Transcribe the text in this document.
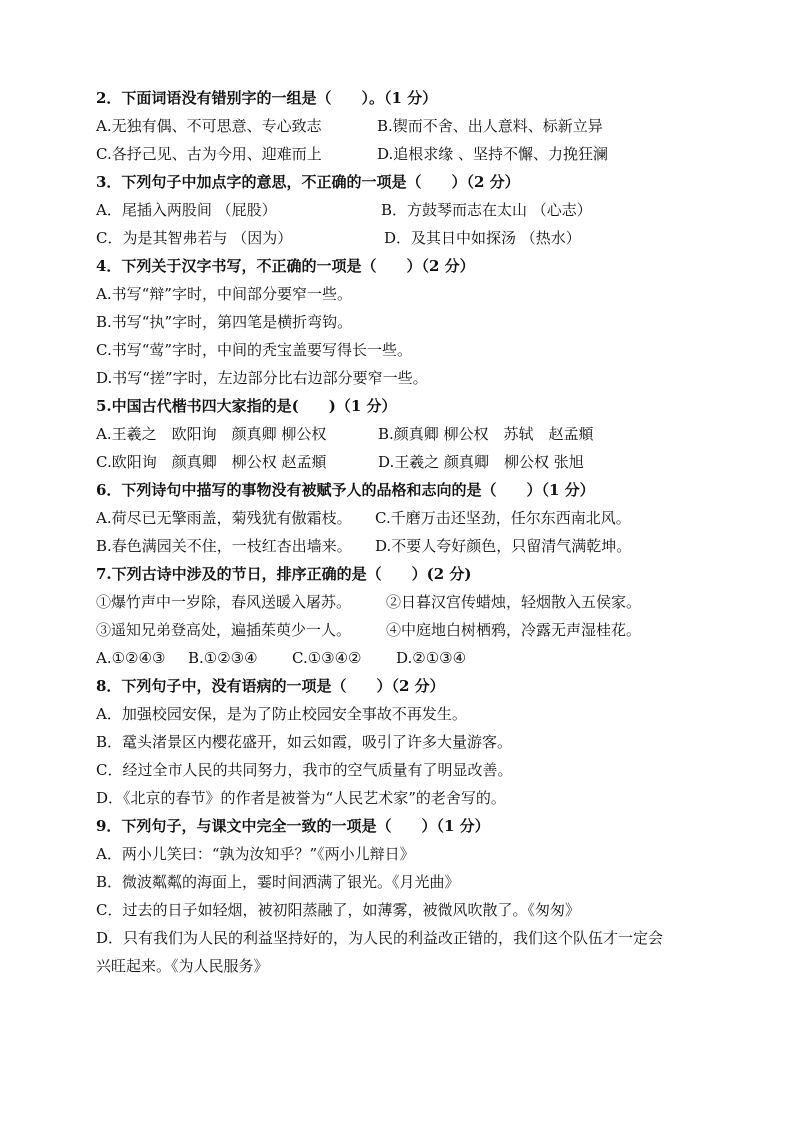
2．下面词语没有错别字的一组是（　　）。（1 分）
A.无独有偶、不可思意、专心致志	B.锲而不舍、出人意料、标新立异
C.各抒己见、古为今用、迎难而上	D.追根求缘 、坚持不懈、力挽狂澜
3．下列句子中加点字的意思，不正确的一项是（　　）（2 分）
A．尾插入两股间 （屁股）	B．方鼓琴而志在太山 （心志）
C．为是其智弗若与 （因为）	D．及其日中如探汤 （热水）
4．下列关于汉字书写，不正确的一项是（　　）（2 分）
A.书写“辩”字时，中间部分要窄一些。
B.书写“执”字时，第四笔是横折弯钩。
C.书写“莺”字时，中间的秃宝盖要写得长一些。
D.书写“搓”字时，左边部分比右边部分要窄一些。
5.中国古代楷书四大家指的是(　　)（1 分）
A.王羲之　欧阳询　颜真卿 柳公权	B.颜真卿 柳公权　苏轼　赵孟頫
C.欧阳询　颜真卿　柳公权 赵孟頫	D.王羲之 颜真卿　柳公权 张旭
6．下列诗句中描写的事物没有被赋予人的品格和志向的是（　　）（1 分）
A.荷尽已无擎雨盖，菊残犹有傲霜枝。 C.千磨万击还坚劲，任尔东西南北风。
B.春色满园关不住，一枝红杏出墙来。 D.不要人夸好颜色，只留清气满乾坤。
7.下列古诗中涉及的节日，排序正确的是（　　）(2 分)
①爆竹声中一岁除，春风送暖入屠苏。 ②日暮汉宫传蜡烛，轻烟散入五侯家。
③遥知兄弟登高处，遍插茱萸少一人。 ④中庭地白树栖鸦，冷露无声湿桂花。
A.①②④③ B.①②③④ C.①③④② D.②①③④
8．下列句子中，没有语病的一项是（　　）（2 分）
A．加强校园安保，是为了防止校园安全事故不再发生。
B．鼋头渚景区内樱花盛开，如云如霞，吸引了许多大量游客。
C．经过全市人民的共同努力，我市的空气质量有了明显改善。
D．《北京的春节》的作者是被誉为“人民艺术家”的老舍写的。
9．下列句子，与课文中完全一致的一项是（　　）（1 分）
A．两小儿笑曰：“孰为汝知乎？”《两小儿辩日》
B．微波粼粼的海面上，霎时间洒满了银光。《月光曲》
C．过去的日子如轻烟，被初阳蒸融了，如薄雾，被微风吹散了。《匆匆》
D．只有我们为人民的利益坚持好的，为人民的利益改正错的，我们这个队伍才一定会
兴旺起来。《为人民服务》
